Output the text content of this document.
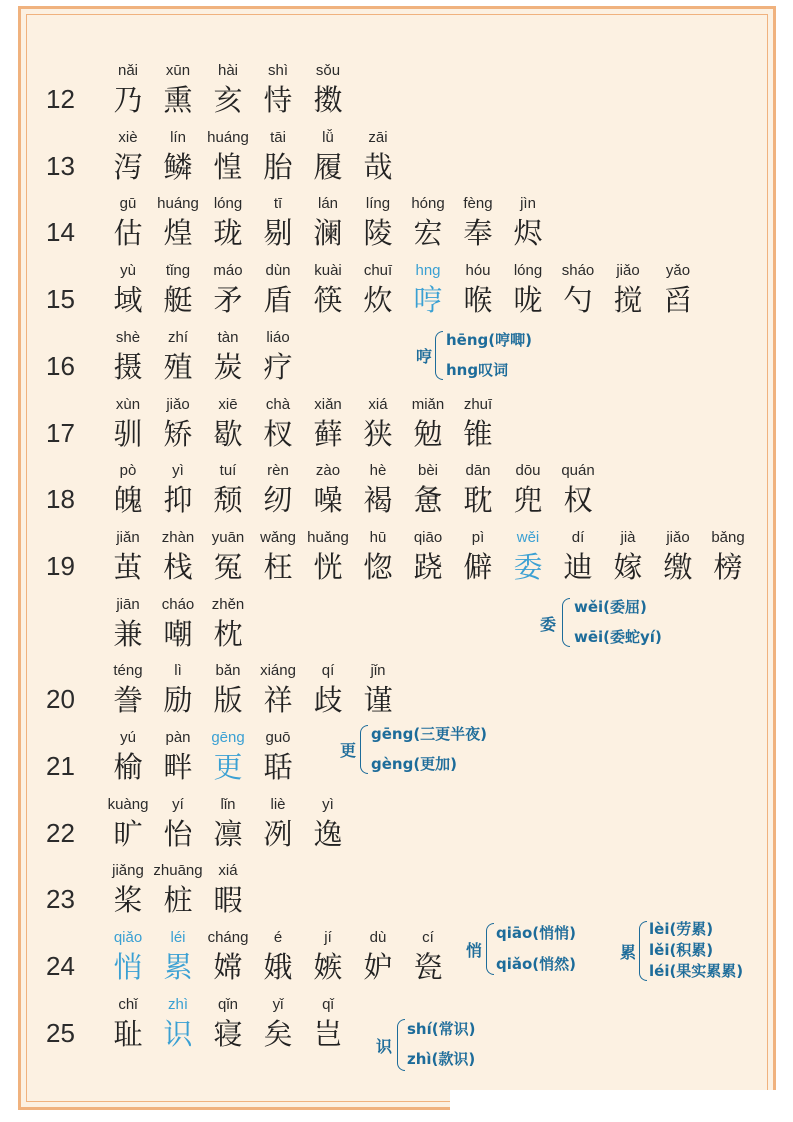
12
nǎi
乃
xūn
熏
hài
亥
shì
恃
sǒu
擞
13
xiè
泻
lín
鳞
huáng
惶
tāi
胎
lǚ
履
zāi
哉
14
gū
估
huáng
煌
lóng
珑
tī
剔
lán
澜
líng
陵
hóng
宏
fèng
奉
jìn
烬
15
yù
域
tǐng
艇
máo
矛
dùn
盾
kuài
筷
chuī
炊
hng
哼
hóu
喉
lóng
咙
sháo
勺
jiǎo
搅
yǎo
舀
16
shè
摄
zhí
殖
tàn
炭
liáo
疗
17
xùn
驯
jiǎo
矫
xiē
歇
chà
杈
xiǎn
藓
xiá
狭
miǎn
勉
zhuī
锥
18
pò
魄
yì
抑
tuí
颓
rèn
纫
zào
噪
hè
褐
bèi
惫
dān
耽
dōu
兜
quán
权
19
jiǎn
茧
zhàn
栈
yuān
冤
wǎng
枉
huǎng
恍
hū
惚
qiāo
跷
pì
僻
wěi
委
dí
迪
jià
嫁
jiǎo
缴
bǎng
榜
jiān
兼
cháo
嘲
zhěn
枕
20
téng
誊
lì
励
bǎn
版
xiáng
祥
qí
歧
jǐn
谨
21
yú
榆
pàn
畔
gēng
更
guō
聒
22
kuàng
旷
yí
怡
lǐn
凛
liè
冽
yì
逸
23
jiǎng
桨
zhuāng
桩
xiá
暇
24
qiǎo
悄
léi
累
cháng
嫦
é
娥
jí
嫉
dù
妒
cí
瓷
25
chǐ
耻
zhì
识
qǐn
寝
yǐ
矣
qǐ
岂
哼
hēng(哼唧)
hng叹词
委
wěi(委屈)
wēi(委蛇yí)
更
gēng(三更半夜)
gèng(更加)
悄
qiāo(悄悄)
qiǎo(悄然)
累
lèi(劳累)
lěi(积累)
léi(果实累累)
识
shí(常识)
zhì(款识)
